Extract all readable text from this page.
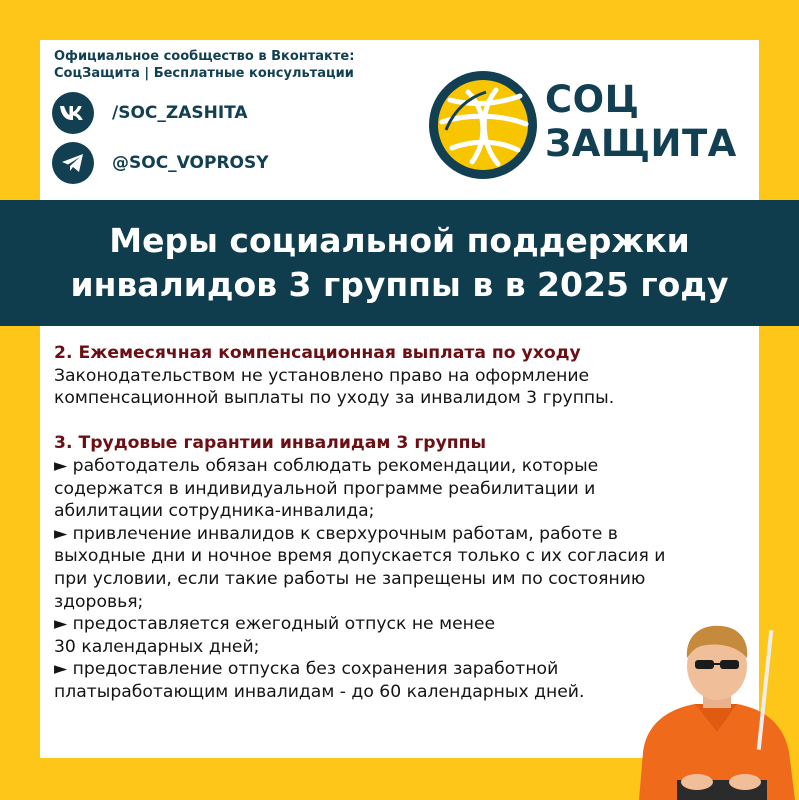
Официальное сообщество в Вконтакте:
СоцЗащита | Бесплатные консультации
/SOC_ZASHITA
@SOC_VOPROSY
СОЦ
ЗАЩИТА
Меры социальной поддержки
инвалидов 3 группы в в 2025 году
2. Ежемесячная компенсационная выплата по уходу
Законодательством не установлено право на оформление
компенсационной выплаты по уходу за инвалидом 3 группы.
3. Трудовые гарантии инвалидам 3 группы
► работодатель обязан соблюдать рекомендации, которые
содержатся в индивидуальной программе реабилитации и
абилитации сотрудника-инвалида;
► привлечение инвалидов к сверхурочным работам, работе в
выходные дни и ночное время допускается только с их согласия и
при условии, если такие работы не запрещены им по состоянию
здоровья;
► предоставляется ежегодный отпуск не менее
30 календарных дней;
► предоставление отпуска без сохранения заработной
платыработающим инвалидам - до 60 календарных дней.
